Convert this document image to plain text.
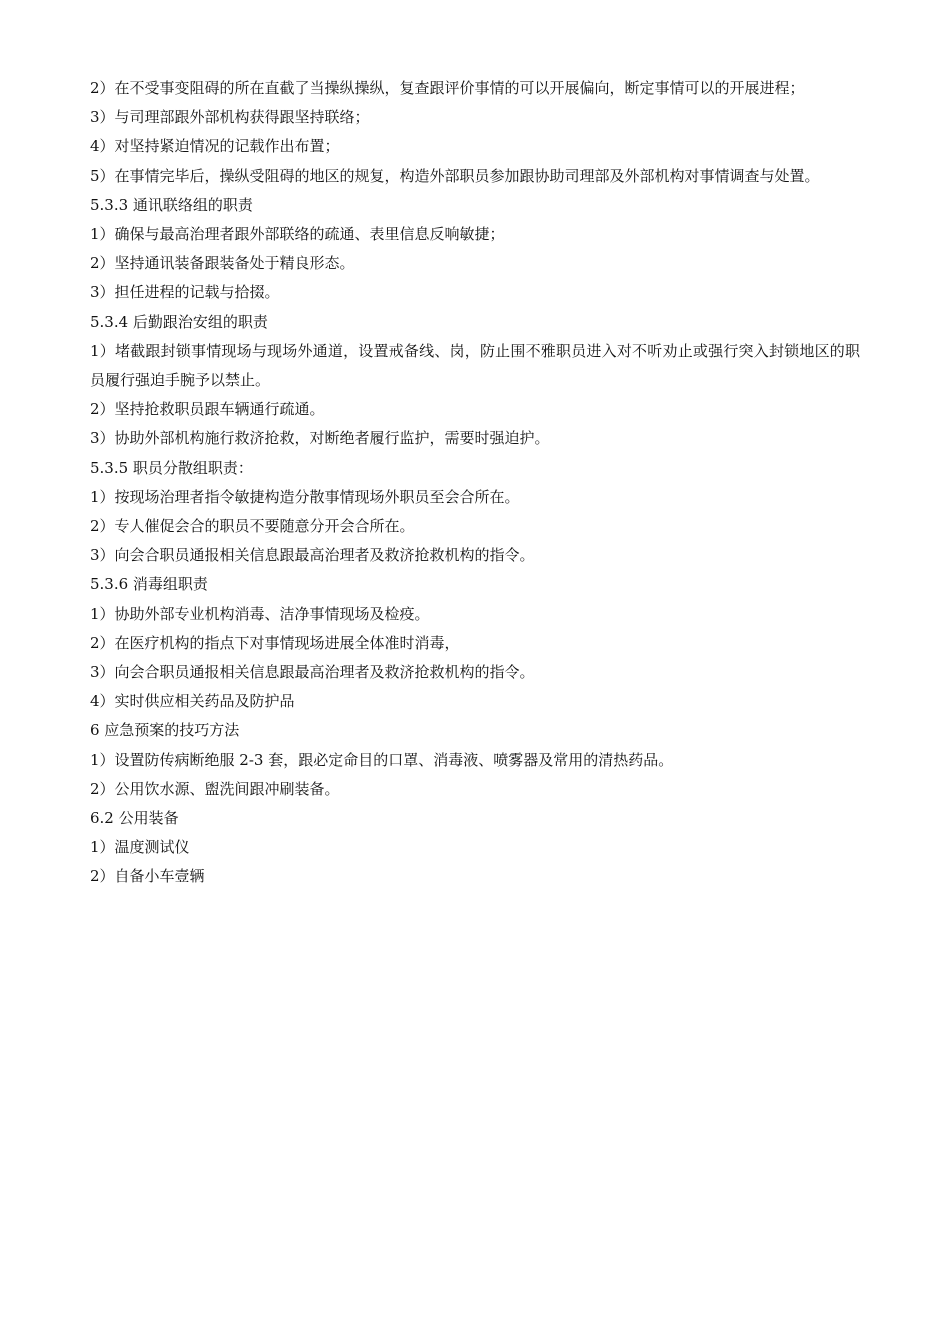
2）在不受事变阻碍的所在直截了当操纵操纵，复查跟评价事情的可以开展偏向，断定事情可以的开展进程；

3）与司理部跟外部机构获得跟坚持联络；

4）对坚持紧迫情况的记载作出布置；

5）在事情完毕后，操纵受阻碍的地区的规复，构造外部职员参加跟协助司理部及外部机构对事情调查与处置。

5.3.3 通讯联络组的职责

1）确保与最高治理者跟外部联络的疏通、表里信息反响敏捷；

2）坚持通讯装备跟装备处于精良形态。

3）担任进程的记载与拾掇。

5.3.4 后勤跟治安组的职责

1）堵截跟封锁事情现场与现场外通道，设置戒备线、岗，防止围不雅职员进入对不听劝止或强行突入封锁地区的职员履行强迫手腕予以禁止。

2）坚持抢救职员跟车辆通行疏通。

3）协助外部机构施行救济抢救，对断绝者履行监护，需要时强迫护。

5.3.5 职员分散组职责：

1）按现场治理者指令敏捷构造分散事情现场外职员至会合所在。

2）专人催促会合的职员不要随意分开会合所在。

3）向会合职员通报相关信息跟最高治理者及救济抢救机构的指令。

5.3.6 消毒组职责

1）协助外部专业机构消毒、洁净事情现场及检疫。

2）在医疗机构的指点下对事情现场进展全体准时消毒，

3）向会合职员通报相关信息跟最高治理者及救济抢救机构的指令。

4）实时供应相关药品及防护品

6 应急预案的技巧方法

1）设置防传病断绝服 2-3 套，跟必定命目的口罩、消毒液、喷雾器及常用的清热药品。

2）公用饮水源、盥洗间跟冲刷装备。

6.2 公用装备

1）温度测试仪

2）自备小车壹辆
